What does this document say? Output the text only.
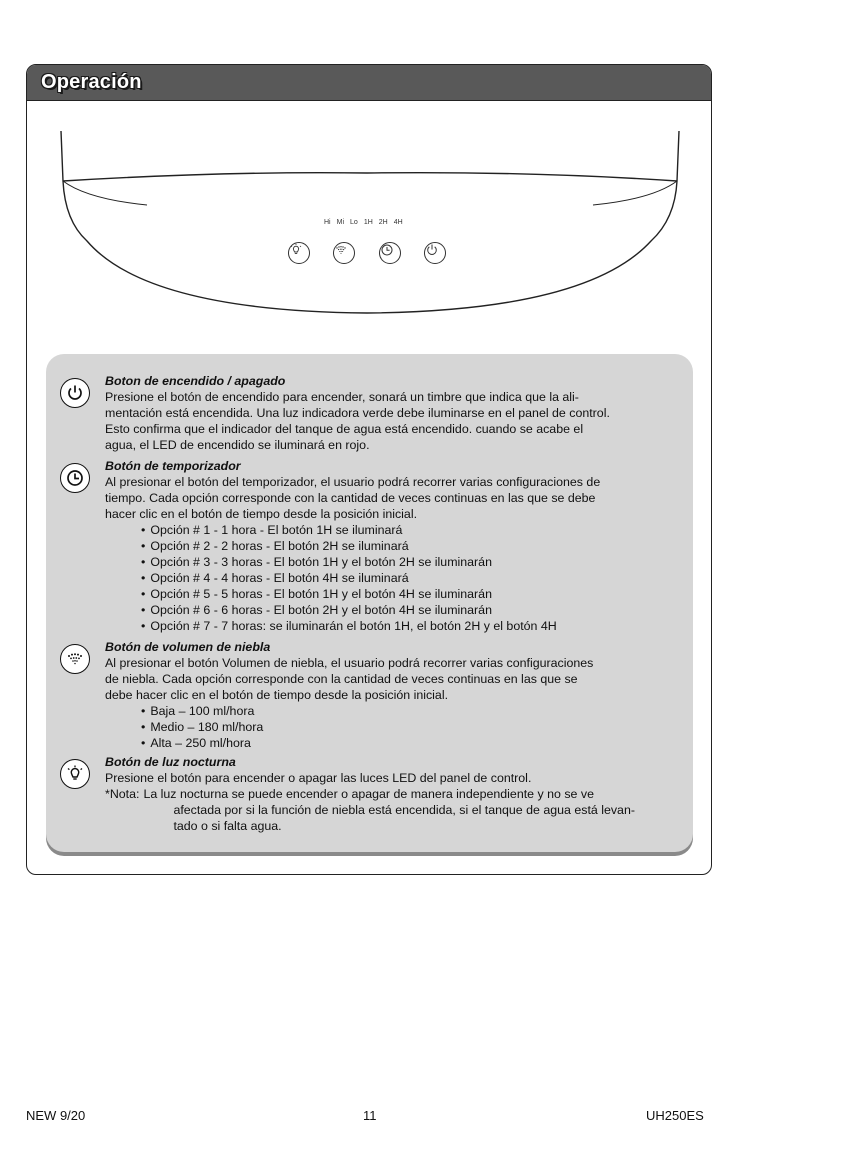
Operación
Hi Mi Lo 1H 2H 4H
Boton de encendido / apagado
Presione el botón de encendido para encender, sonará un timbre que indica que la ali-
mentación está encendida. Una luz indicadora verde debe iluminarse en el panel de control.
Esto confirma que el indicador del tanque de agua está encendido. cuando se acabe el
agua, el LED de encendido se iluminará en rojo.
Botón de temporizador
Al presionar el botón del temporizador, el usuario podrá recorrer varias configuraciones de
tiempo. Cada opción corresponde con la cantidad de veces continuas en las que se debe
hacer clic en el botón de tiempo desde la posición inicial.
• Opción # 1 - 1 hora - El botón 1H se iluminará
• Opción # 2 - 2 horas - El botón 2H se iluminará
• Opción # 3 - 3 horas - El botón 1H y el botón 2H se iluminarán
• Opción # 4 - 4 horas - El botón 4H se iluminará
• Opción # 5 - 5 horas - El botón 1H y el botón 4H se iluminarán
• Opción # 6 - 6 horas - El botón 2H y el botón 4H se iluminarán
• Opción # 7 - 7 horas: se iluminarán el botón 1H, el botón 2H y el botón 4H
Botón de volumen de niebla
Al presionar el botón Volumen de niebla, el usuario podrá recorrer varias configuraciones
de niebla. Cada opción corresponde con la cantidad de veces continuas en las que se
debe hacer clic en el botón de tiempo desde la posición inicial.
• Baja – 100 ml/hora
• Medio – 180 ml/hora
• Alta – 250 ml/hora
Botón de luz nocturna
Presione el botón para encender o apagar las luces LED del panel de control.
*Nota: La luz nocturna se puede encender o apagar de manera independiente y no se ve
afectada por si la función de niebla está encendida, si el tanque de agua está levan-
tado o si falta agua.
NEW 9/20	11	UH250ES
